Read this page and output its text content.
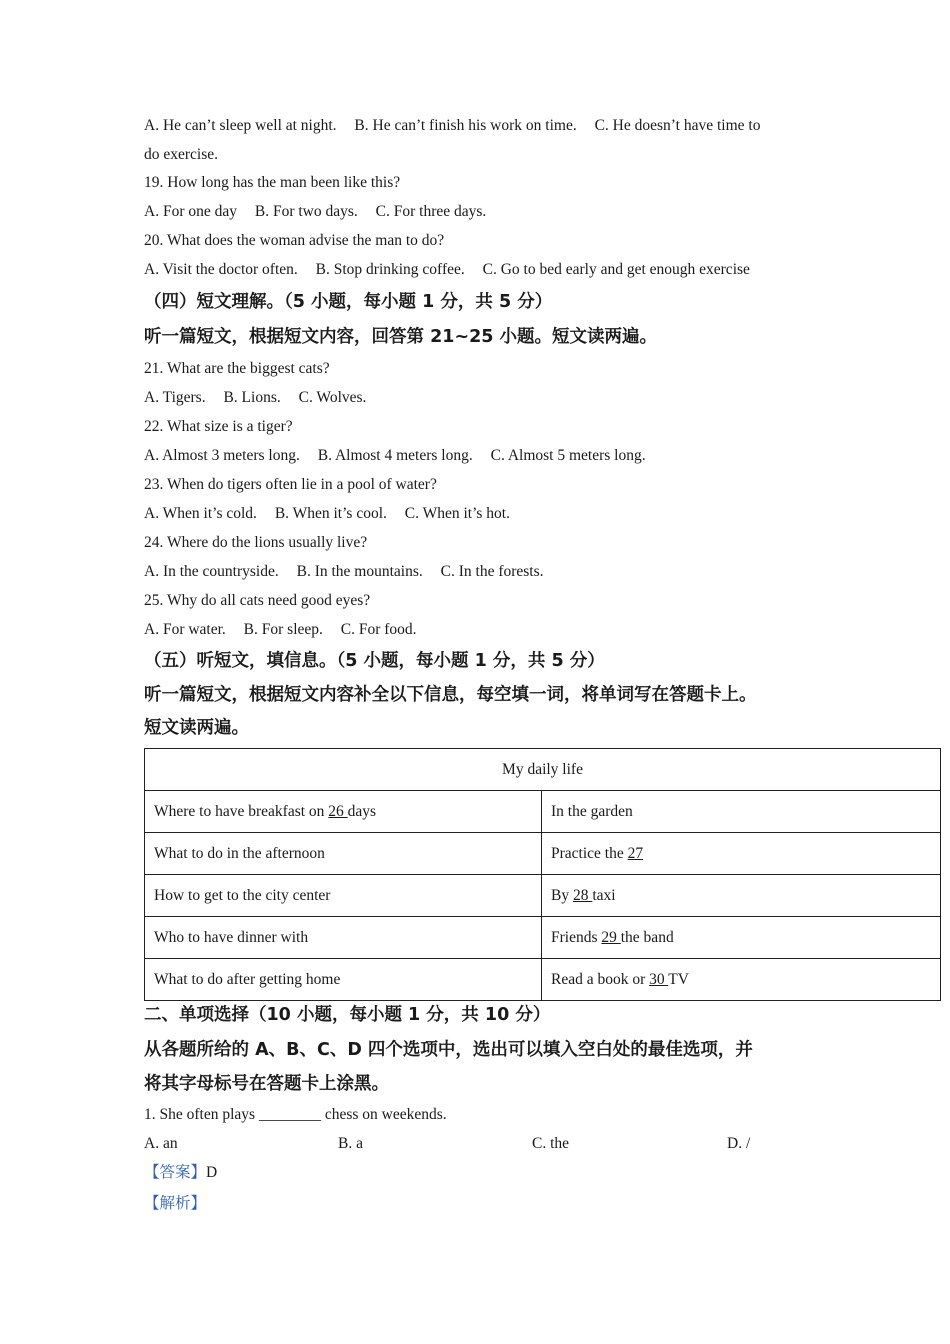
A. He can’t sleep well at night. B. He can’t finish his work on time. C. He doesn’t have time to
do exercise.
19. How long has the man been like this?
A. For one day B. For two days. C. For three days.
20. What does the woman advise the man to do?
A. Visit the doctor often. B. Stop drinking coffee. C. Go to bed early and get enough exercise
（四）短文理解。（5 小题，每小题 1 分，共 5 分）
听一篇短文，根据短文内容，回答第 21~25 小题。短文读两遍。
21. What are the biggest cats?
A. Tigers. B. Lions. C. Wolves.
22. What size is a tiger?
A. Almost 3 meters long. B. Almost 4 meters long. C. Almost 5 meters long.
23. When do tigers often lie in a pool of water?
A. When it’s cold. B. When it’s cool. C. When it’s hot.
24. Where do the lions usually live?
A. In the countryside. B. In the mountains. C. In the forests.
25. Why do all cats need good eyes?
A. For water. B. For sleep. C. For food.
（五）听短文，填信息。（5 小题，每小题 1 分，共 5 分）
听一篇短文，根据短文内容补全以下信息，每空填一词，将单词写在答题卡上。
短文读两遍。
My daily life	
Where to have breakfast on 26 days	In the garden
What to do in the afternoon	Practice the 27
How to get to the city center	By 28 taxi
Who to have dinner with	Friends 29 the band
What to do after getting home	Read a book or 30 TV
二、单项选择（10 小题，每小题 1 分，共 10 分）
从各题所给的 A、B、C、D 四个选项中，选出可以填入空白处的最佳选项，并
将其字母标号在答题卡上涂黑。
1. She often plays ________ chess on weekends.
A. an	B. a	C. the	D. /
【答案】D
【解析】
